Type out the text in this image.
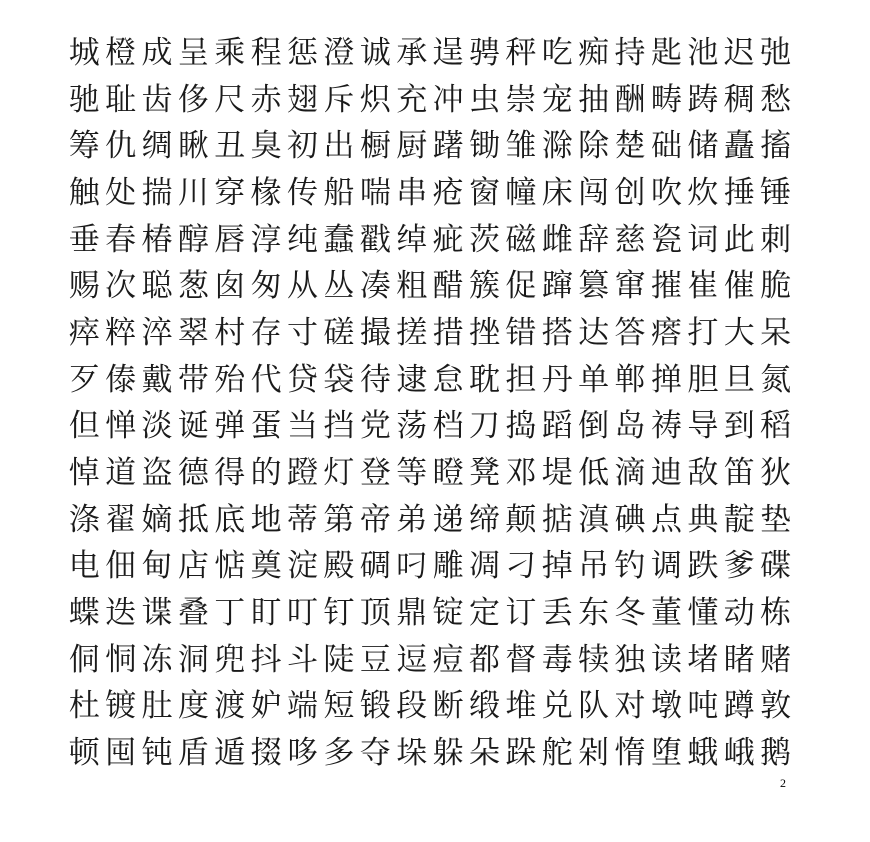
城 橙 成 呈 乘 程 惩 澄 诚 承 逞 骋 秤 吃 痴 持 匙 池 迟 弛
驰 耻 齿 侈 尺 赤 翅 斥 炽 充 冲 虫 崇 宠 抽 酬 畴 踌 稠 愁
筹 仇 绸 瞅 丑 臭 初 出 橱 厨 躇 锄 雏 滁 除 楚 础 储 矗 搐
触 处 揣 川 穿 椽 传 船 喘 串 疮 窗 幢 床 闯 创 吹 炊 捶 锤
垂 春 椿 醇 唇 淳 纯 蠢 戳 绰 疵 茨 磁 雌 辞 慈 瓷 词 此 刺
赐 次 聪 葱 囱 匆 从 丛 凑 粗 醋 簇 促 蹿 篡 窜 摧 崔 催 脆
瘁 粹 淬 翠 村 存 寸 磋 撮 搓 措 挫 错 搭 达 答 瘩 打 大 呆
歹 傣 戴 带 殆 代 贷 袋 待 逮 怠 耽 担 丹 单 郸 掸 胆 旦 氮
但 惮 淡 诞 弹 蛋 当 挡 党 荡 档 刀 捣 蹈 倒 岛 祷 导 到 稻
悼 道 盗 德 得 的 蹬 灯 登 等 瞪 凳 邓 堤 低 滴 迪 敌 笛 狄
涤 翟 嫡 抵 底 地 蒂 第 帝 弟 递 缔 颠 掂 滇 碘 点 典 靛 垫
电 佃 甸 店 惦 奠 淀 殿 碉 叼 雕 凋 刁 掉 吊 钓 调 跌 爹 碟
蝶 迭 谍 叠 丁 盯 叮 钉 顶 鼎 锭 定 订 丢 东 冬 董 懂 动 栋
侗 恫 冻 洞 兜 抖 斗 陡 豆 逗 痘 都 督 毒 犊 独 读 堵 睹 赌
杜 镀 肚 度 渡 妒 端 短 锻 段 断 缎 堆 兑 队 对 墩 吨 蹲 敦
顿 囤 钝 盾 遁 掇 哆 多 夺 垛 躲 朵 跺 舵 剁 惰 堕 蛾 峨 鹅
2
